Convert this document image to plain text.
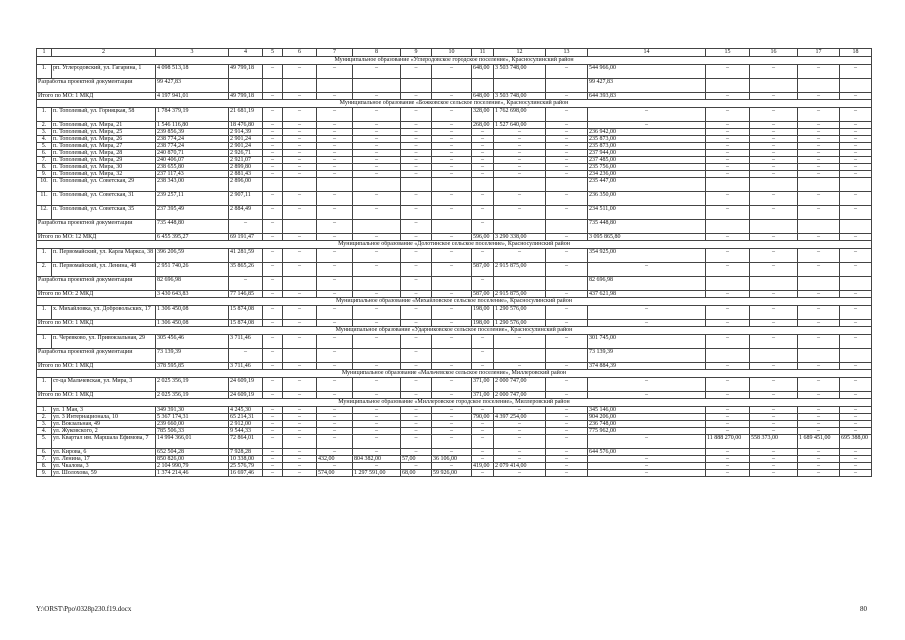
1	2	3	4	5	6	7	8	9	10	11	12	13	14	15	16	17	18
Муниципальное образование «Углеродовское городское поселение», Красносулинский район																	
1.	рп. Углеродовский, ул. Гагарина, 1	4 098 513,18	49 799,18	–	–	–	–	–	–	648,00	3 503 748,00	–	544 966,00	–	–	–	–
Разработка проектной документации		99 427,83											99 427,83				
Итого по МО: 1 МКД		4 197 941,01	49 799,18	–	–	–	–	–	–	648,00	3 503 748,00	–	644 393,83	–	–	–	–
Муниципальное образование «Божковское сельское поселение», Красносулинский район																	
1.	п. Тополевый, ул. Горняцкая, 58	1 784 379,19	21 681,19	–	–	–	–	–	–	328,00	1 762 698,00	–	–	–	–	–	–
2.	п. Тополевый, ул. Мира, 21	1 546 116,80	18 476,80	–	–	–	–	–	–	268,00	1 527 640,00	–	–	–	–	–	–
3.	п. Тополевый, ул. Мира, 25	239 856,39	2 914,39	–	–	–	–	–	–	–	–	–	236 942,00	–	–	–	–
4.	п. Тополевый, ул. Мира, 26	238 774,24	2 901,24	–	–	–	–	–	–	–	–	–	235 873,00	–	–	–	–
5.	п. Тополевый, ул. Мира, 27	238 774,24	2 901,24	–	–	–	–	–	–	–	–	–	235 873,00	–	–	–	–
6.	п. Тополевый, ул. Мира, 28	240 870,71	2 926,71	–	–	–	–	–	–	–	–	–	237 944,00	–	–	–	–
7.	п. Тополевый, ул. Мира, 29	240 406,07	2 921,07	–	–	–	–	–	–	–	–	–	237 485,00	–	–	–	–
8.	п. Тополевый, ул. Мира, 30	238 655,80	2 899,80	–	–	–	–	–	–	–	–	–	235 756,00	–	–	–	–
9.	п. Тополевый, ул. Мира, 32	237 117,43	2 881,43	–	–	–	–	–	–	–	–	–	234 236,00	–	–	–	–
10.	п. Тополевый, ул. Советская, 29	238 343,00	2 896,00										235 447,00				
11.	п. Тополевый, ул. Советская, 31	239 257,11	2 907,11	–	–	–	–	–	–	–	–	–	236 350,00	–	–	–	–
12.	п. Тополевый, ул. Советская, 35	237 395,49	2 884,49	–	–	–	–	–	–	–	–	–	234 511,00	–	–	–	–
Разработка проектной документации		735 448,80	–	–		–		–		–			735 448,80				
Итого по МО: 12 МКД		6 455 395,27	69 191,47	–	–	–	–	–	–	596,00	3 290 338,00	–	3 095 865,80	–	–	–	–
Муниципальное образование «Долотинское сельское поселение», Красносулинский район																	
1.	п. Первомайский, ул. Карла Маркса, 38	396 206,59	41 281,59	–	–	–	–	–	–	–	–	–	354 925,00	–	–	–	–
2.	п. Первомайский, ул. Ленина, 48	2 951 740,26	35 865,26	–	–	–	–	–	–	587,00	2 915 875,00	–	–	–	–	–	–
Разработка проектной документации		82 696,98	–	–		–		–		–			82 696,98				
Итого по МО: 2 МКД		3 430 643,83	77 146,85	–	–	–	–	–	–	587,00	2 915 875,00	–	437 621,98	–	–	–	–
Муниципальное образование «Михайловское сельское поселение», Красносулинский район																	
1.	х. Михайловка, ул. Добровольских, 17	1 306 450,08	15 874,08	–	–	–	–	–	–	198,00	1 290 576,00	–	–	–	–	–	–
Итого по МО: 1 МКД		1 306 450,08	15 874,08	–	–	–	–	–	–	198,00	1 290 576,00	–	–	–	–	–	–
Муниципальное образование «Ударниковское сельское поселение», Красносулинский район																	
1.	п. Черевково, ул. Привокзальная, 29	305 456,46	3 711,46	–	–	–	–	–	–	–	–	–	301 745,00	–	–	–	–
Разработка проектной документации		73 139,39	–	–		–		–		–			73 139,39				
Итого по МО: 1 МКД		378 595,85	3 711,46	–	–	–	–	–	–	–	–	–	374 884,39	–	–	–	–
Муниципальное образование «Мальчевское сельское поселение», Миллеровский район																	
1.	ст-ца Мальчевская, ул. Мира, 3	2 025 356,19	24 609,19	–	–	–	–	–	–	371,00	2 000 747,00	–	–	–	–	–	–
Итого по МО: 1 МКД		2 025 356,19	24 609,19	–	–	–	–	–	–	371,00	2 000 747,00	–	–	–	–	–	–
Муниципальное образование «Миллеровское городское поселение», Миллеровский район																	
1.	ул. 1 Мая, 3	349 391,30	4 245,30	–	–	–	–	–	–	–	–	–	345 146,00	–	–	–	–
2.	ул. 3 Интернационала, 10	5 367 174,31	65 214,31	–	–	–	–	–	–	790,00	4 397 254,00	–	904 206,00	–	–	–	–
3.	ул. Вокзальная, 49	239 660,00	2 912,00	–	–	–	–	–	–	–	–	–	236 748,00	–	–	–	–
4.	ул. Жуковского, 2	785 506,33	9 544,33	–	–	–	–	–	–	–	–	–	775 962,00	–	–	–	–
5.	ул. Квартал им. Маршала Ефимова, 7	14 994 366,01	72 864,01	–	–	–	–	–	–	–	–	–	–	11 888 270,00	558 373,00	1 689 451,00	695 388,00
6.	ул. Кирова, 6	652 504,28	7 928,28	–	–	–	–	–	–	–	–	–	644 576,00	–	–	–	–
7.	ул. Ленина, 17	850 826,00	10 338,00	–	–	432,00	804 382,00	57,00	36 106,00	–	–	–	–	–	–	–	–
8.	ул. Чкалова, 3	2 104 990,79	25 576,79	–	–	–	–	–	–	419,00	2 079 414,00	–	–	–	–	–	–
9.	ул. Шолохова, 59	1 374 214,46	16 697,46	–	–	574,00	1 297 591,00	68,00	59 926,00	–	–	–	–	–	–	–	–
Y:\ORST\Ppo\0328p230.f19.docx	80
